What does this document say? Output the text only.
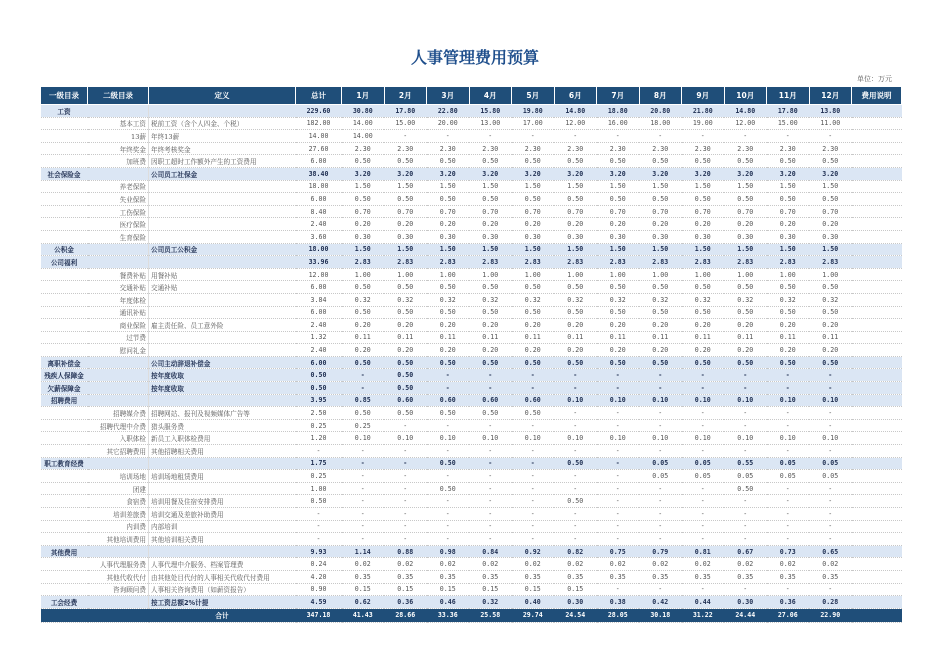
人事管理费用预算
单位：万元
一级目录	二级目录	定义	总计	1月	2月	3月	4月	5月	6月	7月	8月	9月	10月	11月	12月	费用说明
工资			229.60	30.80	17.80	22.80	15.80	19.80	14.80	18.80	20.80	21.80	14.80	17.80	13.80	
	基本工资	税前工资（含个人四金、个税）	182.00	14.00	15.00	20.00	13.00	17.00	12.00	16.00	18.00	19.00	12.00	15.00	11.00	
	13薪	年终13薪	14.00	14.00	-	-	-	-	-	-	-	-	-	-	-	
	年终奖金	年终考核奖金	27.60	2.30	2.30	2.30	2.30	2.30	2.30	2.30	2.30	2.30	2.30	2.30	2.30	
	加班费	因职工超时工作额外产生的工资费用	6.00	0.50	0.50	0.50	0.50	0.50	0.50	0.50	0.50	0.50	0.50	0.50	0.50	
社会保险金		公司员工社保金	38.40	3.20	3.20	3.20	3.20	3.20	3.20	3.20	3.20	3.20	3.20	3.20	3.20	
	养老保险		18.00	1.50	1.50	1.50	1.50	1.50	1.50	1.50	1.50	1.50	1.50	1.50	1.50	
	失业保险		6.00	0.50	0.50	0.50	0.50	0.50	0.50	0.50	0.50	0.50	0.50	0.50	0.50	
	工伤保险		8.40	0.70	0.70	0.70	0.70	0.70	0.70	0.70	0.70	0.70	0.70	0.70	0.70	
	医疗保险		2.40	0.20	0.20	0.20	0.20	0.20	0.20	0.20	0.20	0.20	0.20	0.20	0.20	
	生育保险		3.60	0.30	0.30	0.30	0.30	0.30	0.30	0.30	0.30	0.30	0.30	0.30	0.30	
公积金		公司员工公积金	18.00	1.50	1.50	1.50	1.50	1.50	1.50	1.50	1.50	1.50	1.50	1.50	1.50	
公司福利			33.96	2.83	2.83	2.83	2.83	2.83	2.83	2.83	2.83	2.83	2.83	2.83	2.83	
	餐费补贴	用餐补贴	12.00	1.00	1.00	1.00	1.00	1.00	1.00	1.00	1.00	1.00	1.00	1.00	1.00	
	交通补贴	交通补贴	6.00	0.50	0.50	0.50	0.50	0.50	0.50	0.50	0.50	0.50	0.50	0.50	0.50	
	年度体检		3.84	0.32	0.32	0.32	0.32	0.32	0.32	0.32	0.32	0.32	0.32	0.32	0.32	
	通讯补贴		6.00	0.50	0.50	0.50	0.50	0.50	0.50	0.50	0.50	0.50	0.50	0.50	0.50	
	商业保险	雇主责任险、员工意外险	2.40	0.20	0.20	0.20	0.20	0.20	0.20	0.20	0.20	0.20	0.20	0.20	0.20	
	过节费		1.32	0.11	0.11	0.11	0.11	0.11	0.11	0.11	0.11	0.11	0.11	0.11	0.11	
	慰问礼金		2.40	0.20	0.20	0.20	0.20	0.20	0.20	0.20	0.20	0.20	0.20	0.20	0.20	
离职补偿金		公司主动辞退补偿金	6.00	0.50	0.50	0.50	0.50	0.50	0.50	0.50	0.50	0.50	0.50	0.50	0.50	
残疾人保障金		按年度收取	0.50	-	0.50	-	-	-	-	-	-	-	-	-	-	
欠薪保障金		按年度收取	0.50	-	0.50	-	-	-	-	-	-	-	-	-	-	
招聘费用			3.95	0.85	0.60	0.60	0.60	0.60	0.10	0.10	0.10	0.10	0.10	0.10	0.10	
	招聘媒介费	招聘网站、报刊及视频媒体广告等	2.50	0.50	0.50	0.50	0.50	0.50	-	-	-	-	-	-	-	
	招聘代理中介费	猎头服务费	0.25	0.25	-	-	-	-	-	-	-	-	-	-	-	
	入职体检	新员工入职体检费用	1.20	0.10	0.10	0.10	0.10	0.10	0.10	0.10	0.10	0.10	0.10	0.10	0.10	
	其它招聘费用	其他招聘相关费用	-	-	-	-	-	-	-	-	-	-	-	-	-	
职工教育经费			1.75	-	-	0.50	-	-	0.50	-	0.05	0.05	0.55	0.05	0.05	
	培训场地	培训场地租赁费用	0.25	-	-	-	-	-	-	-	0.05	0.05	0.05	0.05	0.05	
	团建		1.00	-	-	0.50	-	-	-	-	-	-	0.50	-	-	
	食宿费	培训用餐及住宿安排费用	0.50	-	-	-	-	-	0.50	-	-	-	-	-	-	
	培训差旅费	培训交通及差旅补助费用	-	-	-	-	-	-	-	-	-	-	-	-	-	
	内训费	内部培训	-	-	-	-	-	-	-	-	-	-	-	-	-	
	其他培训费用	其他培训相关费用	-	-	-	-	-	-	-	-	-	-	-	-	-	
其他费用			9.93	1.14	0.88	0.98	0.84	0.92	0.82	0.75	0.79	0.81	0.67	0.73	0.65	
	人事代理服务费	人事代理中介服务、档案管理费	0.24	0.02	0.02	0.02	0.02	0.02	0.02	0.02	0.02	0.02	0.02	0.02	0.02	
	其他代收代付	由其他处目代付的人事相关代收代付费用	4.20	0.35	0.35	0.35	0.35	0.35	0.35	0.35	0.35	0.35	0.35	0.35	0.35	
	咨询顾问费	人事相关咨询费用（如薪资报告）	0.90	0.15	0.15	0.15	0.15	0.15	0.15	-	-	-	-	-	-	
工会经费		按工资总额2%计提	4.59	0.62	0.36	0.46	0.32	0.40	0.30	0.38	0.42	0.44	0.30	0.36	0.28	
		合计	347.18	41.43	28.66	33.36	25.58	29.74	24.54	28.05	30.18	31.22	24.44	27.06	22.90	
